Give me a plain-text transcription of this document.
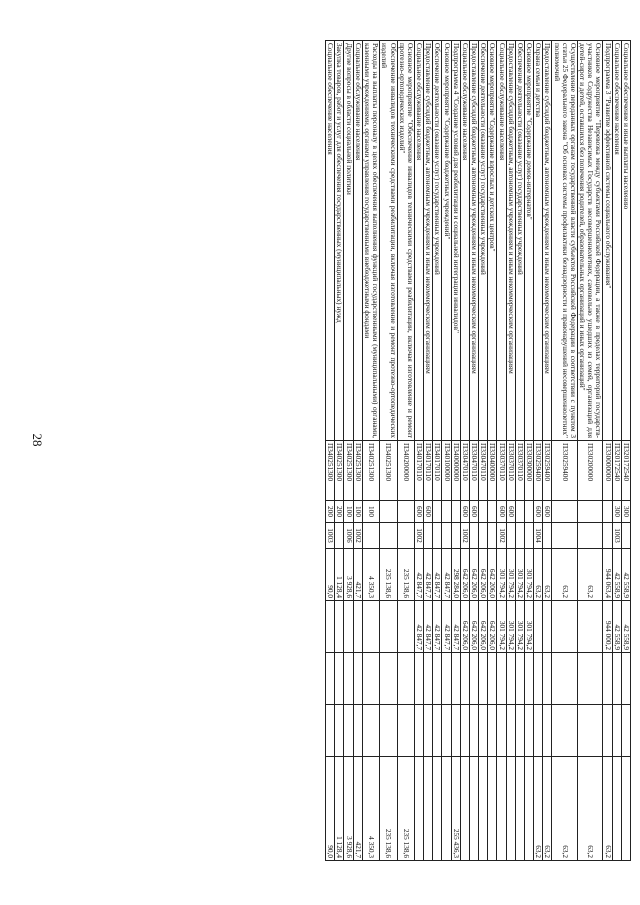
28
Социальное обеспечение и иные выплаты населению	П320172540	300		42 558,9	42 558,9			
Социальное обеспечение населения	П320172540	300	1003	42 558,9	42 558,9			
Подпрограмма 3 "Развитие эффективной системы социального обслуживания"	П330000000			944 063,4	944 000,2			63,2
Основное мероприятие "Перевозка между субъектами Российской Федерации, а также в пределах территорий государств-участников Содружества Независимых Государств несовершеннолетних, самовольно ушедших из семей, организаций для детей-сирот и детей, оставшихся без попечения родителей, образовательных организаций и иных организаций"	П330200000			63,2				63,2
Осуществление переданных органам государственной власти субъектов Российской Федерации в соответствии с пунктом 3 статьи 25 Федерального закона "Об основах системы профилактики безнадзорности и правонарушений несовершеннолетних" полномочий	П330259400			63,2				63,2
Предоставление субсидий бюджетным, автономным учреждениям и иным некоммерческим организациям	П330259400	600		63,2				63,2
Охрана семьи и детства	П330259400	600	1004	63,2				63,2
Основное мероприятие "Содержание домов-интернатов"	П330300000			301 794,2	301 794,2			
Обеспечение деятельности (оказание услуг) государственных учреждений	П330370110			301 794,2	301 794,2			
Предоставление субсидий бюджетным, автономным учреждениям и иным некоммерческим организациям	П330370110	600		301 794,2	301 794,2			
Социальное обслуживание населения	П330370110	600	1002	301 794,2	301 794,2			
Основное мероприятие "Содержание взрослых и детских центров"	П330400000			642 206,0	642 206,0			
Обеспечение деятельности (оказание услуг) государственных учреждений	П330470110			642 206,0	642 206,0			
Предоставление субсидий бюджетным, автономным учреждениям и иным некоммерческим организациям	П330470110	600		642 206,0	642 206,0			
Социальное обслуживание населения	П330470110	600	1002	642 206,0	642 206,0			
Подпрограмма 4 "Создание условий для реабилитации и социальной интеграции инвалидов"	П340000000			298 284,0	42 847,7			255 436,3
Основное мероприятие "Содержание бюджетных учреждений"	П340100000			42 847,7	42 847,7			
Обеспечение деятельности (оказание услуг) государственных учреждений	П340170110			42 847,7	42 847,7			
Предоставление субсидий бюджетным, автономным учреждениям и иным некоммерческим организациям	П340170110	600		42 847,7	42 847,7			
Социальное обслуживание населения	П340170110	600	1002	42 847,7	42 847,7			
Основное мероприятие "Обеспечение инвалидов техническими средствами реабилитации, включая изготовление и ремонт протезно-ортопедических изделий"	П340200000			235 138,6				235 138,6
Обеспечение инвалидов техническими средствами реабилитации, включая изготовление и ремонт протезно-ортопедических изделий	П340251300			235 138,6				235 138,6
Расходы на выплаты персоналу в целях обеспечения выполнения функций государственными (муниципальными) органами, казенными учреждениями, органами управления государственными внебюджетными фондами	П340251300	100		4 350,3				4 350,3
Социальное обслуживание населения	П340251300	100	1002	421,7				421,7
Другие вопросы в области социальной политики	П340251300	100	1006	3 928,6				3 928,6
Закупка товаров, работ и услуг для обеспечения государственных (муниципальных) нужд	П340251300	200		1 128,4				1 128,4
Социальное обеспечение населения	П340251300	200	1003	90,0				90,0
